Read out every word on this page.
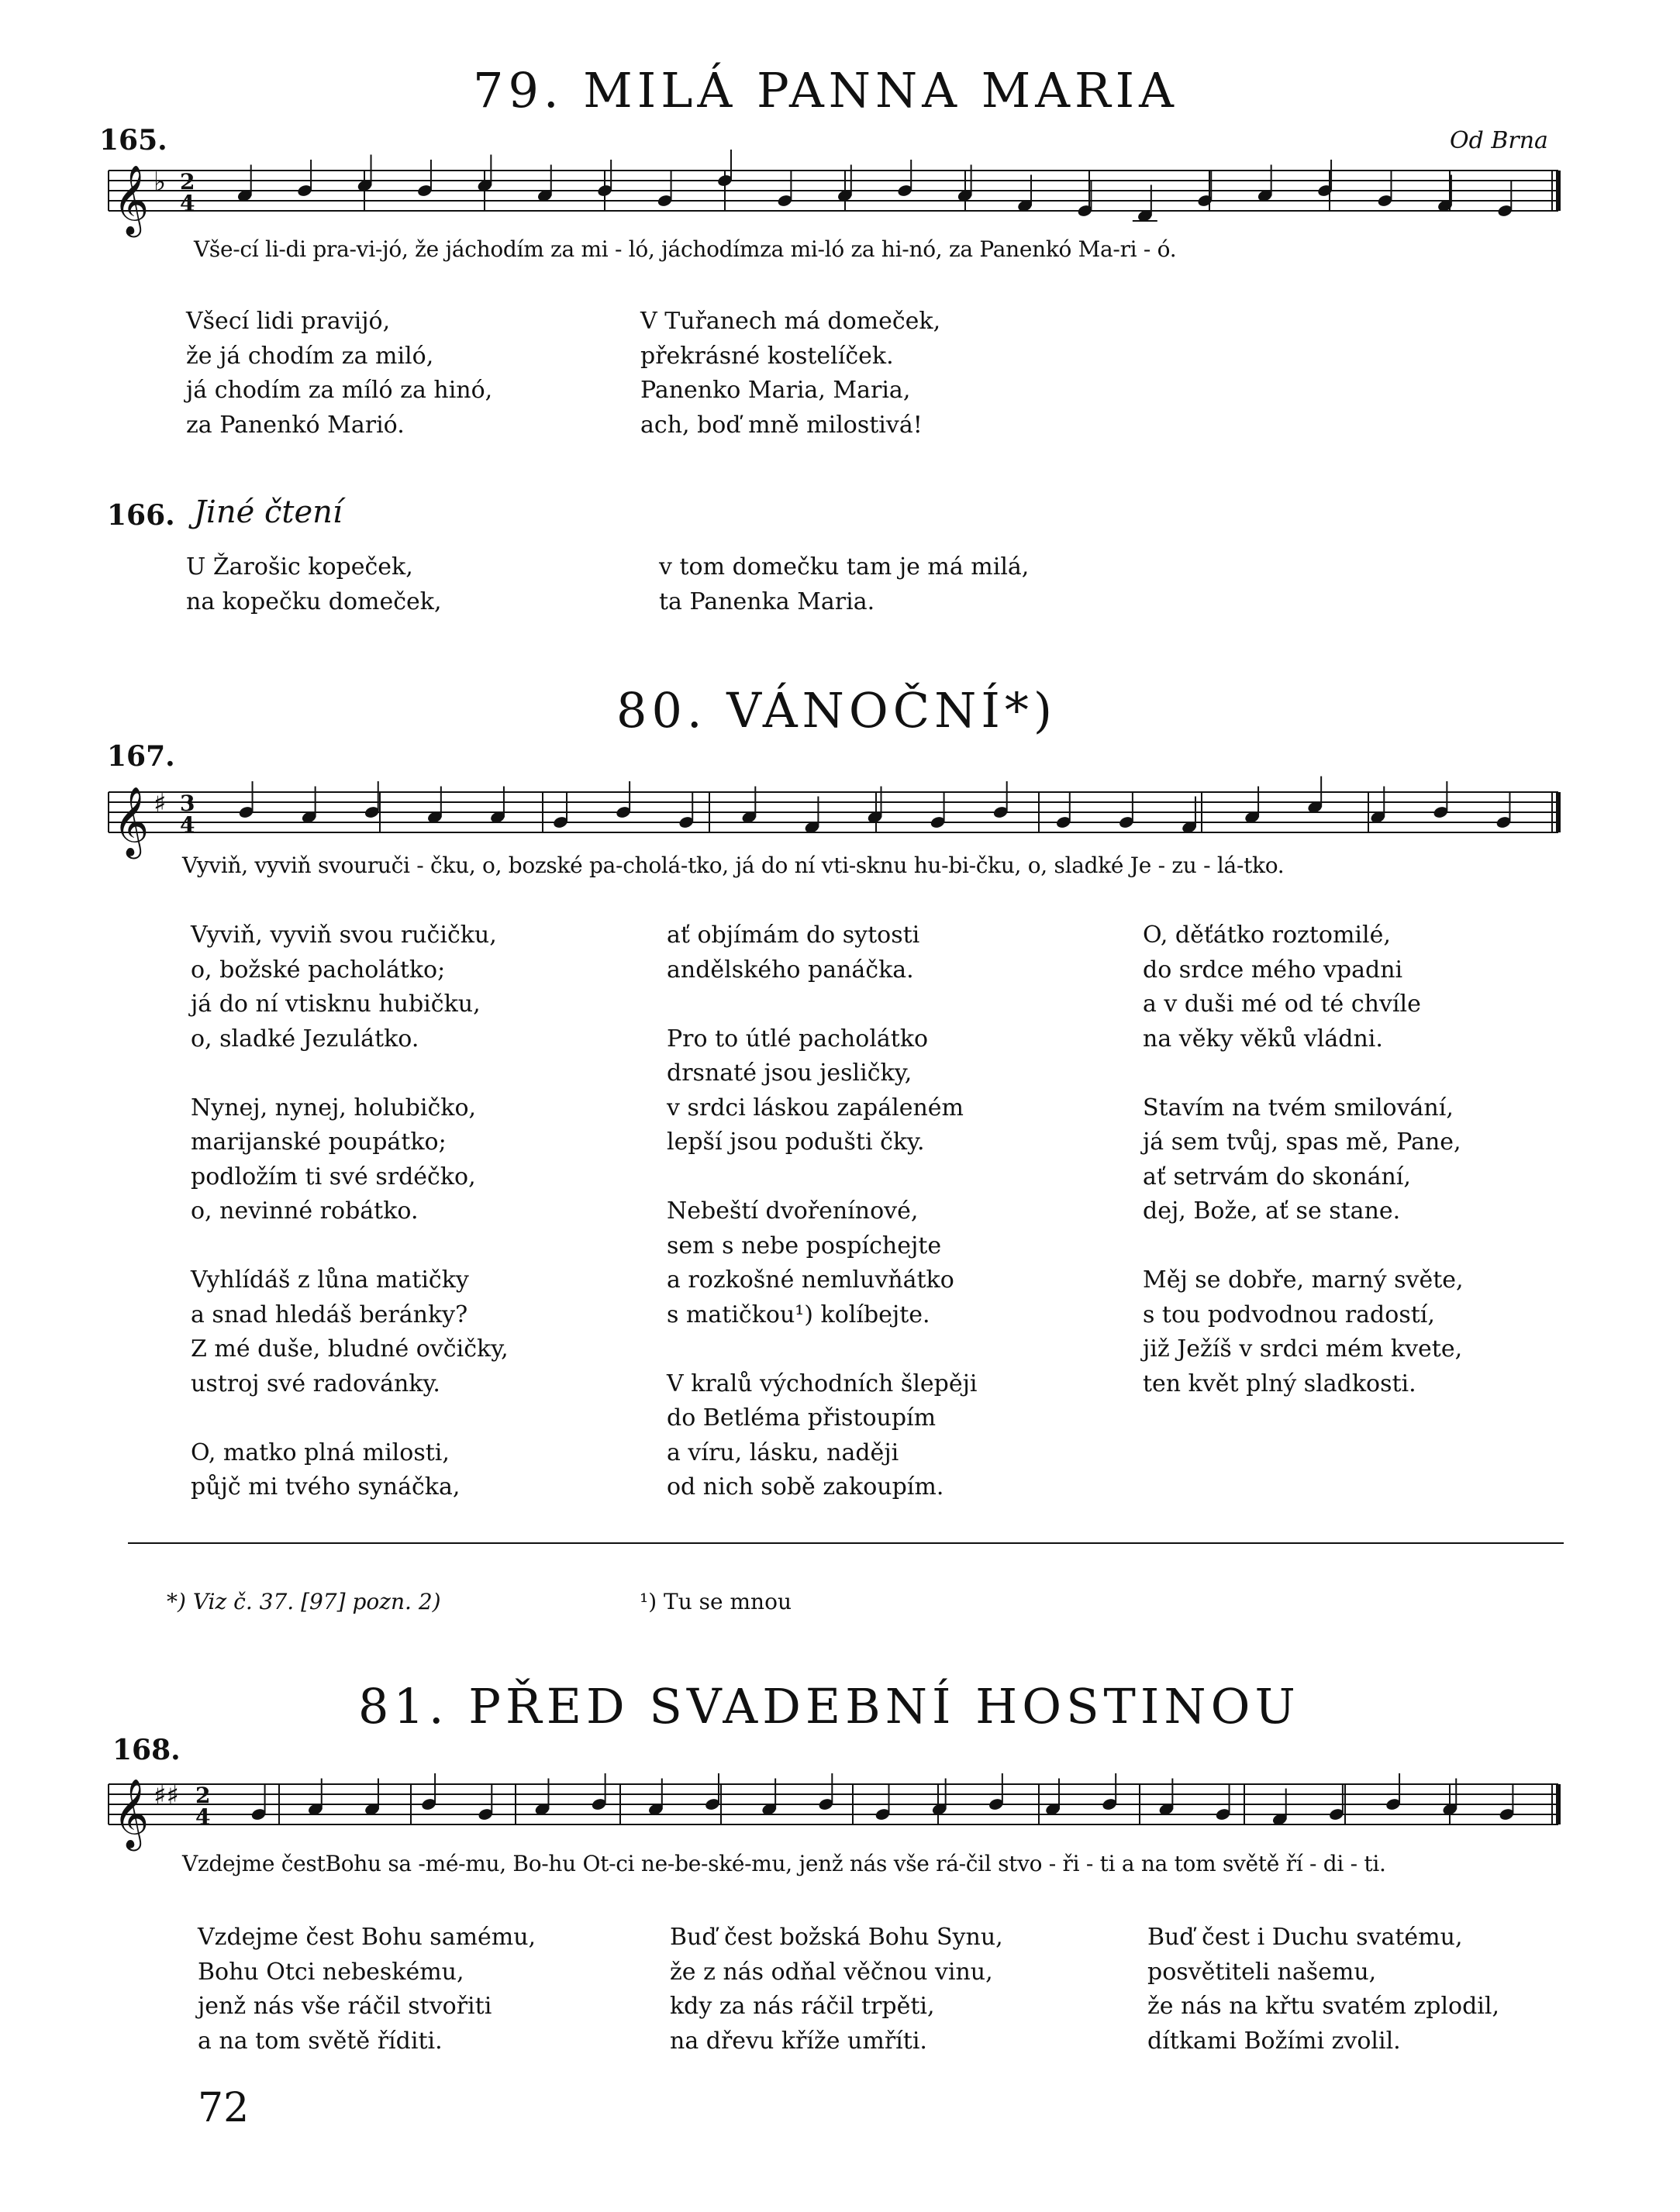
79. MILÁ PANNA MARIA
165.	Od Brna
𝄞 ♭ 2
4
Vše-cí li-di pra-vi-jó, že jáchodím za mi - ló, jáchodímza mi-ló za hi-nó, za Panenkó Ma-ri - ó.
Všecí lidi pravijó,
že já chodím za miló,
já chodím za míló za hinó,
za Panenkó Marió.
V Tuřanech má domeček,
překrásné kostelíček.
Panenko Maria, Maria,
ach, boď mně milostivá!
166. Jiné čtení
U Žarošic kopeček,
na kopečku domeček,
v tom domečku tam je má milá,
ta Panenka Maria.
80. VÁNOČNÍ*)
167.
𝄞 ♯ 3
4
Vyviň, vyviň svouruči - čku, o, bozské pa-cholá-tko, já do ní vti-sknu hu-bi-čku, o, sladké Je - zu - lá-tko.
Vyviň, vyviň svou ručičku,
o, božské pacholátko;
já do ní vtisknu hubičku,
o, sladké Jezulátko.

Nynej, nynej, holubičko,
marijanské poupátko;
podložím ti své srdéčko,
o, nevinné robátko.

Vyhlídáš z lůna matičky
a snad hledáš beránky?
Z mé duše, bludné ovčičky,
ustroj své radovánky.

O, matko plná milosti,
půjč mi tvého synáčka,
ať objímám do sytosti
andělského panáčka.

Pro to útlé pacholátko
drsnaté jsou jesličky,
v srdci láskou zapáleném
lepší jsou podušti čky.

Nebeští dvořenínové,
sem s nebe pospíchejte
a rozkošné nemluvňátko
s matičkou¹) kolíbejte.

V kralů východních šlepěji
do Betléma přistoupím
a víru, lásku, naději
od nich sobě zakoupím.
O, děťátko roztomilé,
do srdce mého vpadni
a v duši mé od té chvíle
na věky věků vládni.

Stavím na tvém smilování,
já sem tvůj, spas mě, Pane,
ať setrvám do skonání,
dej, Bože, ať se stane.

Měj se dobře, marný světe,
s tou podvodnou radostí,
již Ježíš v srdci mém kvete,
ten květ plný sladkosti.
*) Viz č. 37. [97] pozn. 2)	¹) Tu se mnou
81. PŘED SVADEBNÍ HOSTINOU
168.
𝄞 ♯♯ 2
4
Vzdejme čestBohu sa -mé-mu, Bo-hu Ot-ci ne-be-ské-mu, jenž nás vše rá-čil stvo - ři - ti a na tom světě ří - di - ti.
Vzdejme čest Bohu samému,
Bohu Otci nebeskému,
jenž nás vše ráčil stvořiti
a na tom světě říditi.
Buď čest božská Bohu Synu,
že z nás odňal věčnou vinu,
kdy za nás ráčil trpěti,
na dřevu kříže umříti.
Buď čest i Duchu svatému,
posvětiteli našemu,
že nás na křtu svatém zplodil,
dítkami Božími zvolil.
72
